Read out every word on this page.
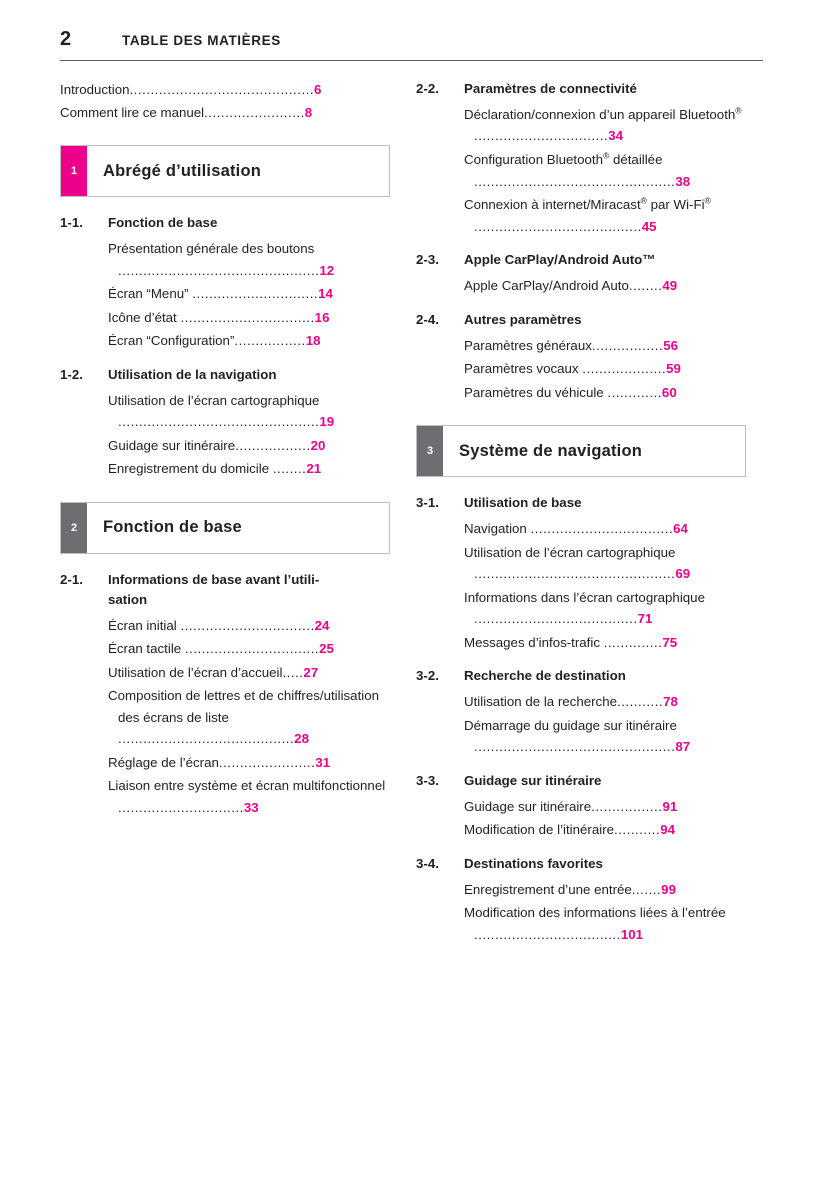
2	TABLE DES MATIÈRES
Introduction............................................6
Comment lire ce manuel........................8
1	Abrégé d’utilisation
1-1.	Fonction de base
Présentation générale des boutons ................................................12
Écran “Menu” ..............................14
Icône d’état ................................16
Écran “Configuration”.................18
1-2.	Utilisation de la navigation
Utilisation de l’écran cartographique ................................................19
Guidage sur itinéraire..................20
Enregistrement du domicile ........21
2	Fonction de base
2-1.	Informations de base avant l’utili-
sation
Écran initial ................................24
Écran tactile ................................25
Utilisation de l’écran d’accueil.....27
Composition de lettres et de chiffres/utilisation des écrans de liste ..........................................28
Réglage de l’écran.......................31
Liaison entre système et écran multifonctionnel ..............................33
2-2.	Paramètres de connectivité
Déclaration/connexion d’un appareil Bluetooth® ................................34
Configuration Bluetooth® détaillée ................................................38
Connexion à internet/Miracast® par Wi-Fi® ........................................45
2-3.	Apple CarPlay/Android Auto™
Apple CarPlay/Android Auto........49
2-4.	Autres paramètres
Paramètres généraux.................56
Paramètres vocaux ....................59
Paramètres du véhicule .............60
3	Système de navigation
3-1.	Utilisation de base
Navigation ..................................64
Utilisation de l’écran cartographique ................................................69
Informations dans l’écran cartographique .......................................71
Messages d’infos-trafic ..............75
3-2.	Recherche de destination
Utilisation de la recherche...........78
Démarrage du guidage sur itinéraire ................................................87
3-3.	Guidage sur itinéraire
Guidage sur itinéraire.................91
Modification de l’itinéraire...........94
3-4.	Destinations favorites
Enregistrement d’une entrée.......99
Modification des informations liées à l’entrée ...................................101
